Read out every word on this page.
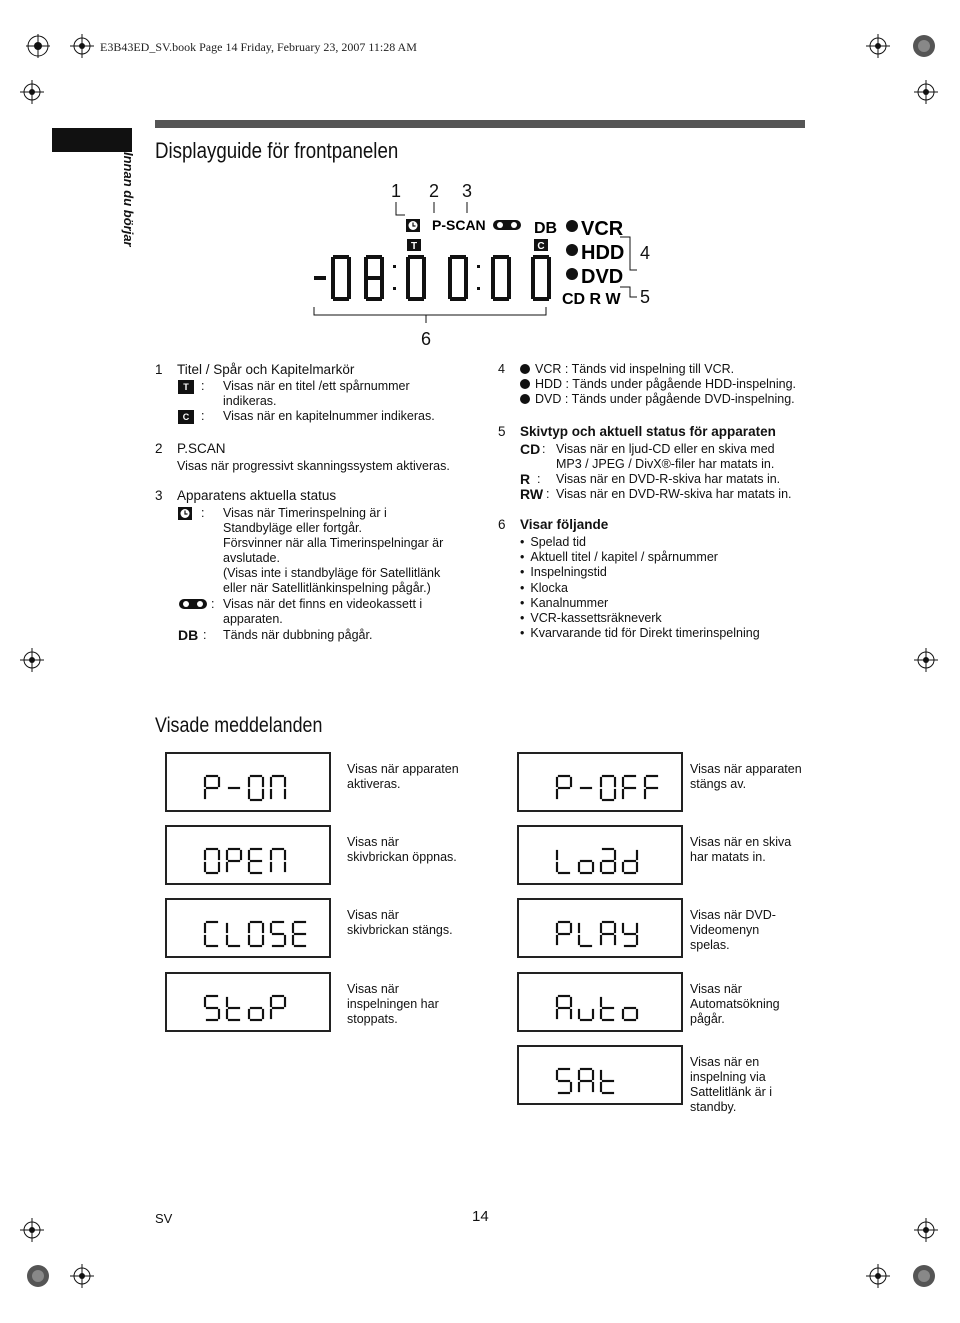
E3B43ED_SV.book Page 14 Friday, February 23, 2007 11:28 AM
Innan du börjar
Displayguide för frontpanelen
1 2 3
4
5
6
T
P-SCAN	DB
C
VCR
HDD
DVD
CD R W
1 Titel / Spår och Kapitelmarkör
T : Visas när en titel /ett spårnummer indikeras.
C : Visas när en kapitelnummer indikeras.
2 P.SCAN
Visas när progressivt skanningssystem aktiveras.
3 Apparatens aktuella status
: Visas när Timerinspelning är i
Standbyläge eller fortgår.
Försvinner när alla Timerinspelningar är
avslutade.
(Visas inte i standbyläge för Satellitlänk
eller när Satellitlänkinspelning pågår.)
: Visas när det finns en videokassett i
apparaten.
DB : Tänds när dubbning pågår.
4	VCR : Tänds vid inspelning till VCR.
HDD : Tänds under pågående HDD-inspelning.
DVD : Tänds under pågående DVD-inspelning.
5 Skivtyp och aktuell status för apparaten
CD : Visas när en ljud-CD eller en skiva med
MP3 / JPEG / DivX®-filer har matats in.
R : Visas när en DVD-R-skiva har matats in.
RW : Visas när en DVD-RW-skiva har matats in.
6 Visar följande
• Spelad tid
• Aktuell titel / kapitel / spårnummer
• Inspelningstid
• Klocka
• Kanalnummer
• VCR-kassettsräkneverk
• Kvarvarande tid för Direkt timerinspelning
Visade meddelanden
Visas när apparaten
aktiveras.
Visas när
skivbrickan öppnas.
Visas när
skivbrickan stängs.
Visas när
inspelningen har
stoppats.
Visas när apparaten
stängs av.
Visas när en skiva
har matats in.
Visas när DVD-
Videomenyn
spelas.
Visas när
Automatsökning
pågår.
Visas när en
inspelning via
Sattelitlänk är i
standby.
SV	14
